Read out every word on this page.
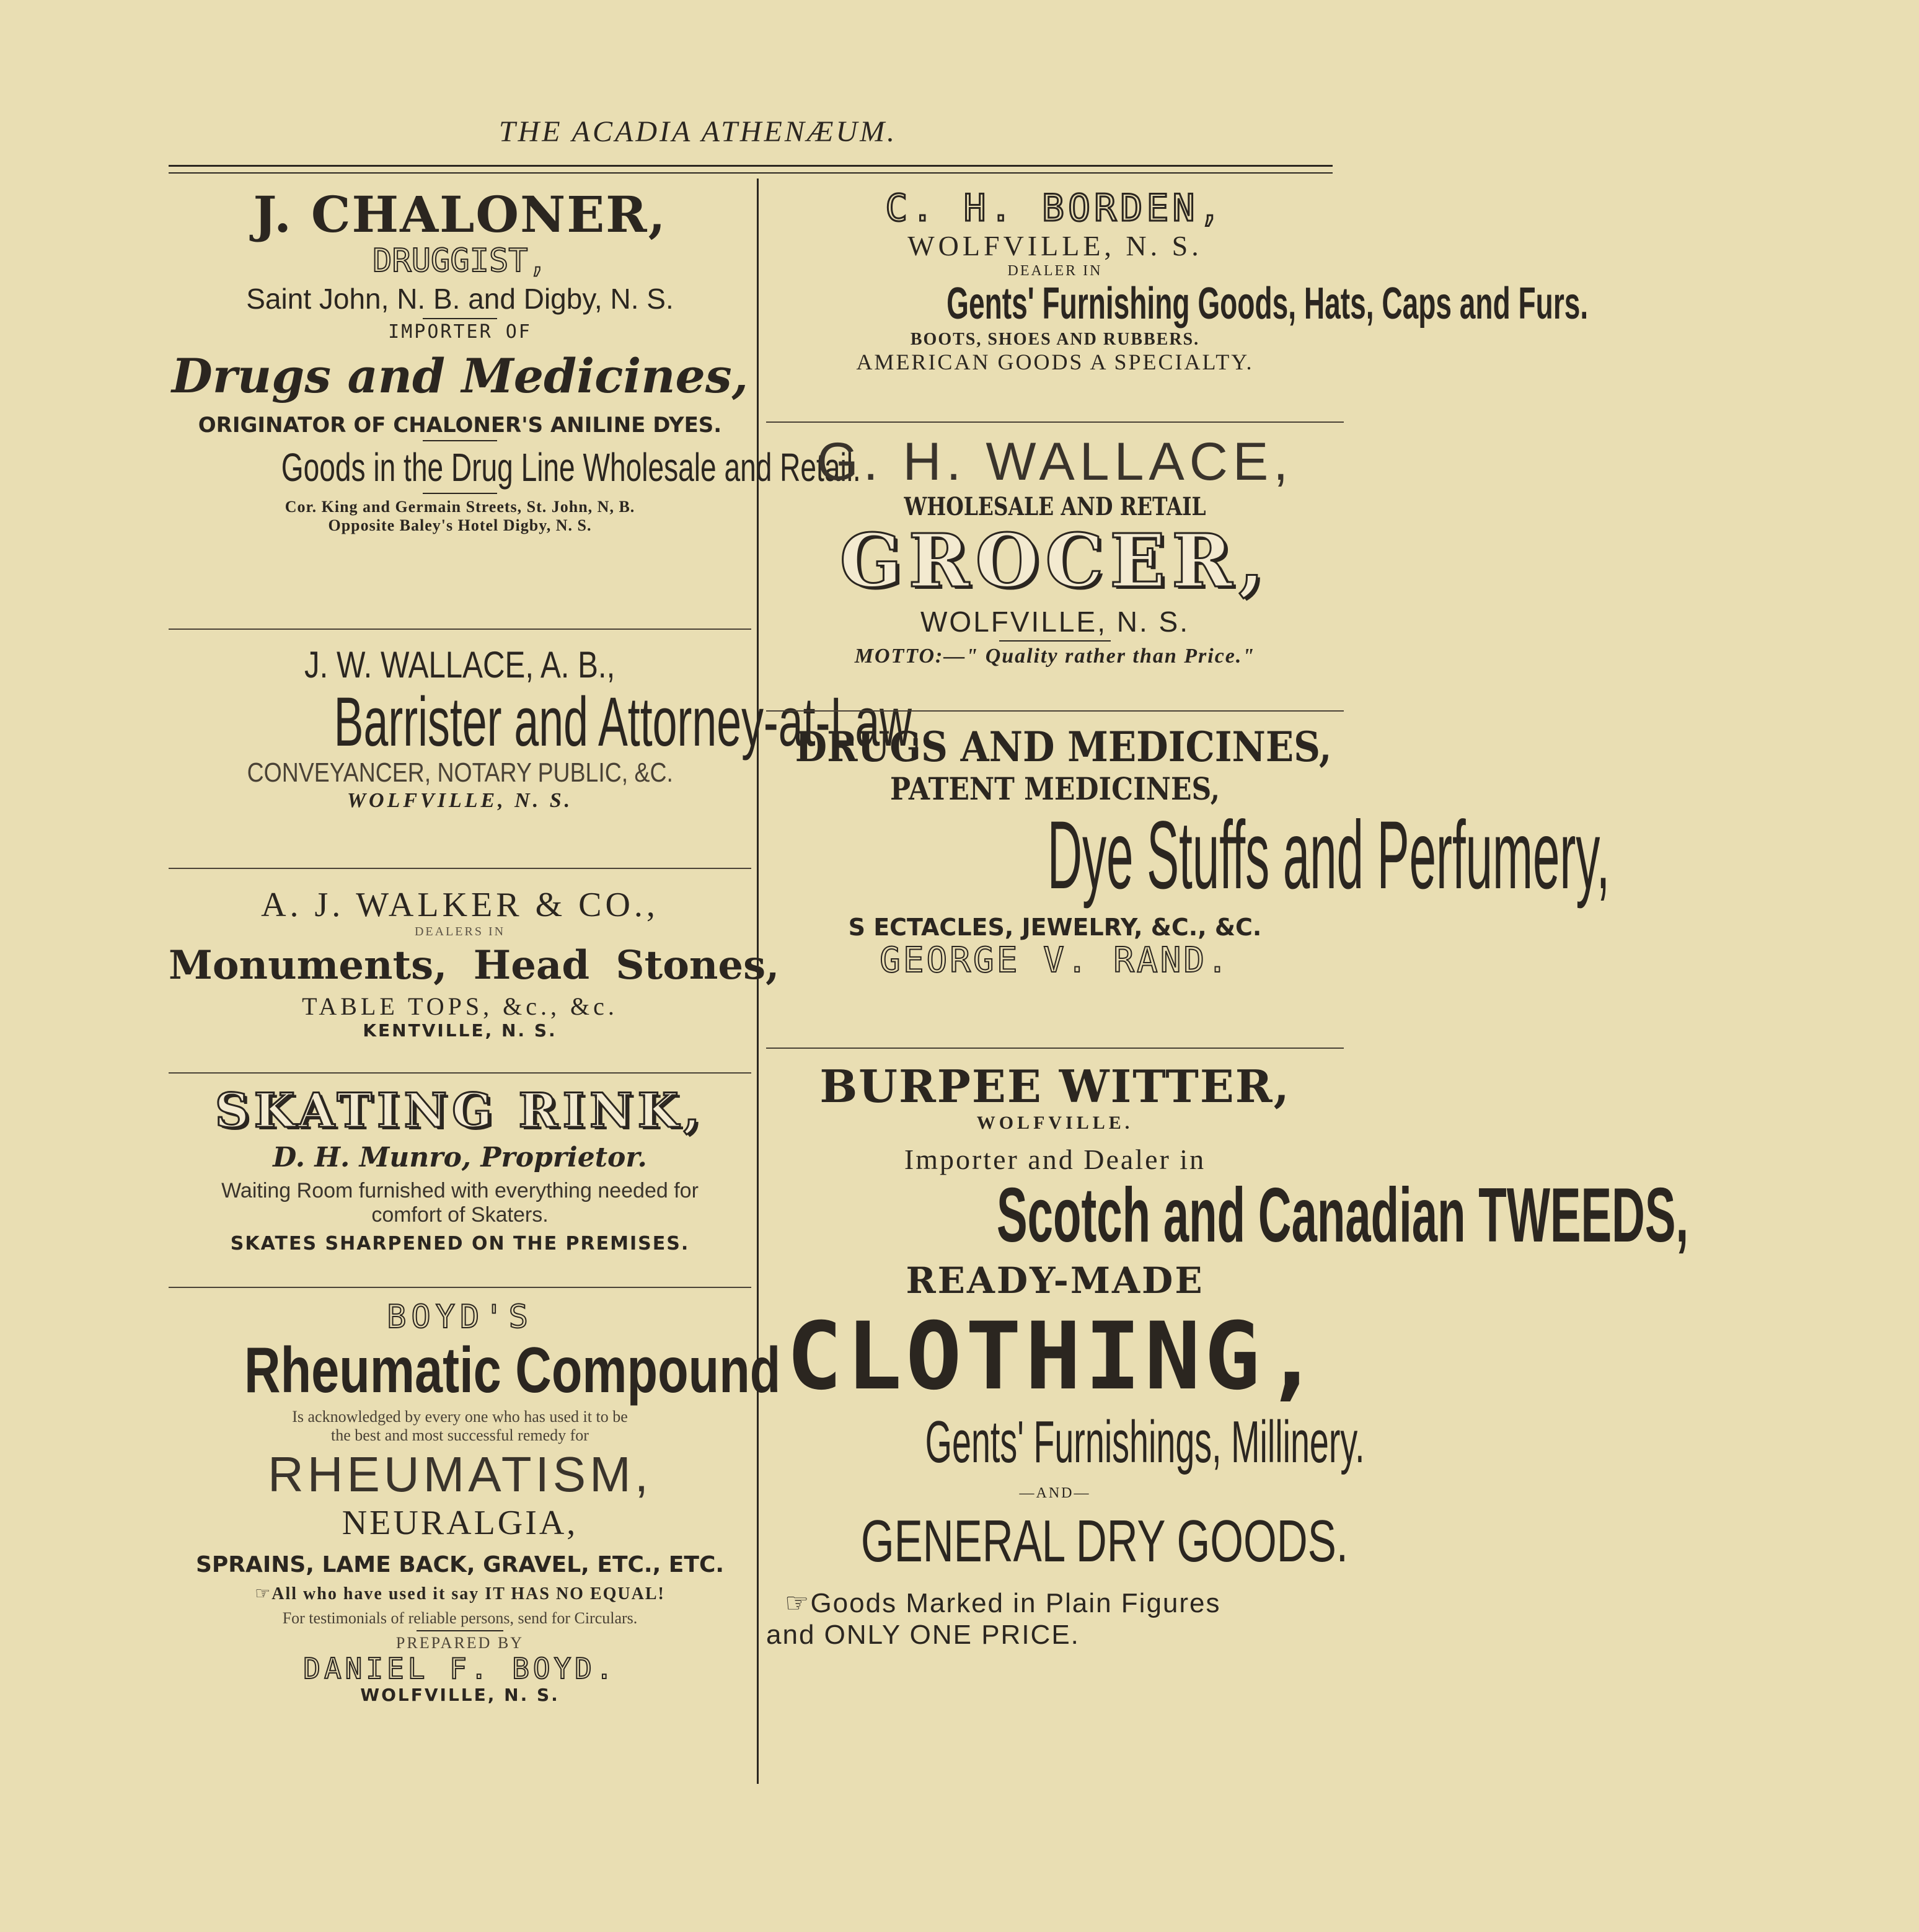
THE ACADIA ATHENÆUM.
J. CHALONER,
DRUGGIST,
Saint John, N. B. and Digby, N. S.
IMPORTER OF
Drugs and Medicines,
ORIGINATOR OF CHALONER'S ANILINE DYES.
Goods in the Drug Line Wholesale and Retail.
Cor. King and Germain Streets, St. John, N, B.
Opposite Baley's Hotel Digby, N. S.
J. W. WALLACE, A. B., Barrister and Attorney-at-Law, CONVEYANCER, NOTARY PUBLIC, &C.
WOLFVILLE, N. S.
A. J. WALKER & CO.,
DEALERS IN
Monuments, Head Stones,
TABLE TOPS, &c., &c.
KENTVILLE, N. S.
SKATING RINK,
D. H. Munro, Proprietor.
Waiting Room furnished with everything needed for
comfort of Skaters.
SKATES SHARPENED ON THE PREMISES.
BOYD'S
Rheumatic Compound
Is acknowledged by every one who has used it to be
the best and most successful remedy for
RHEUMATISM,
NEURALGIA,
SPRAINS, LAME BACK, GRAVEL, ETC., ETC.
☞All who have used it say IT HAS NO EQUAL!
For testimonials of reliable persons, send for Circulars.
PREPARED BY
DANIEL F. BOYD.
WOLFVILLE, N. S.
C. H. BORDEN,
WOLFVILLE, N. S.
DEALER IN
Gents' Furnishing Goods, Hats, Caps and Furs.
BOOTS, SHOES AND RUBBERS.
AMERICAN GOODS A SPECIALTY.
G. H. WALLACE,
WHOLESALE AND RETAIL
GROCER,
WOLFVILLE, N. S.
MOTTO:—" Quality rather than Price."
DRUGS AND MEDICINES,
PATENT MEDICINES,
Dye Stuffs and Perfumery,
S ECTACLES, JEWELRY, &C., &C.
GEORGE V. RAND.
BURPEE WITTER,
WOLFVILLE.
Importer and Dealer in
Scotch and Canadian TWEEDS,
READY-MADE
CLOTHING,
Gents' Furnishings, Millinery.
—AND—
GENERAL DRY GOODS.
☞Goods Marked in Plain Figures
and ONLY ONE PRICE.
